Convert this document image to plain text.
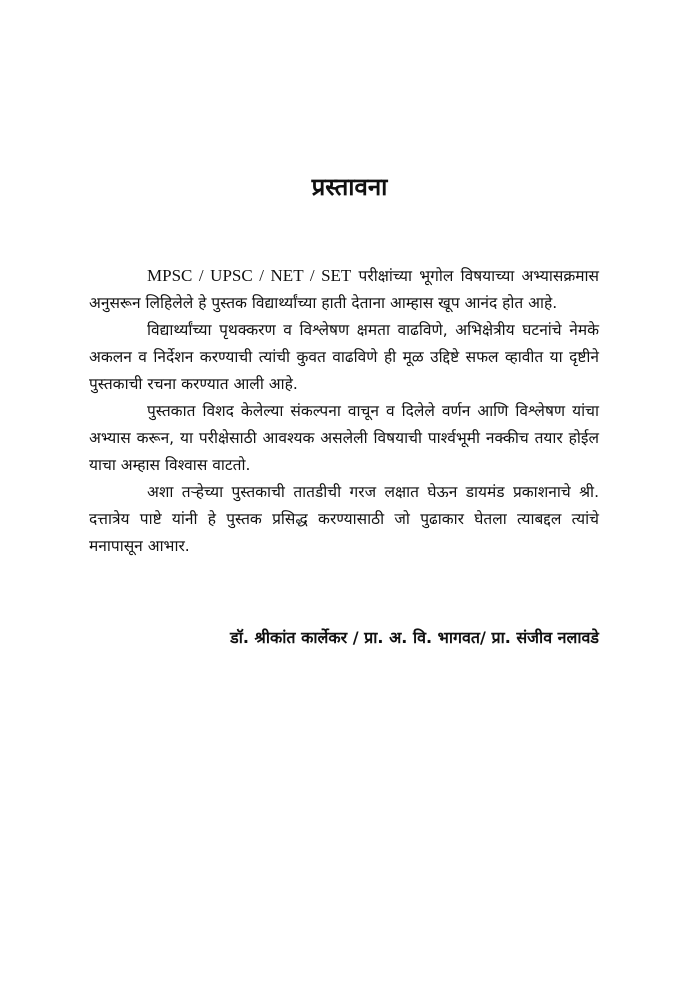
प्रस्तावना

MPSC / UPSC / NET / SET परीक्षांच्या भूगोल विषयाच्या अभ्यासक्रमास अनुसरून लिहिलेले हे पुस्तक विद्यार्थ्यांच्या हाती देताना आम्हास खूप आनंद होत आहे.

विद्यार्थ्यांच्या पृथक्करण व विश्लेषण क्षमता वाढविणे, अभिक्षेत्रीय घटनांचे नेमके अकलन व निर्देशन करण्याची त्यांची कुवत वाढविणे ही मूळ उद्दिष्टे सफल व्हावीत या दृष्टीने पुस्तकाची रचना करण्यात आली आहे.

पुस्तकात विशद केलेल्या संकल्पना वाचून व दिलेले वर्णन आणि विश्लेषण यांचा अभ्यास करून, या परीक्षेसाठी आवश्यक असलेली विषयाची पार्श्वभूमी नक्कीच तयार होईल याचा अम्हास विश्वास वाटतो.

अशा तऱ्हेच्या पुस्तकाची तातडीची गरज लक्षात घेऊन डायमंड प्रकाशनाचे श्री. दत्तात्रेय पाष्टे यांनी हे पुस्तक प्रसिद्ध करण्यासाठी जो पुढाकार घेतला त्याबद्दल त्यांचे मनापासून आभार.

डॉ. श्रीकांत कार्लेकर / प्रा. अ. वि. भागवत/ प्रा. संजीव नलावडे
